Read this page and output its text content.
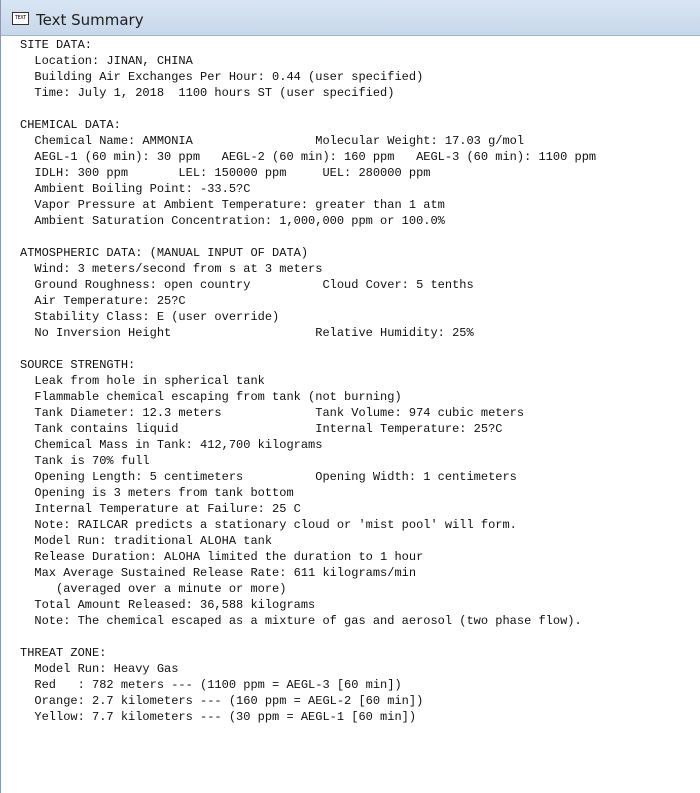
TEXT Text Summary
SITE DATA:
Location: JINAN, CHINA
Building Air Exchanges Per Hour: 0.44 (user specified)
Time: July 1, 2018  1100 hours ST (user specified)
CHEMICAL DATA:
Chemical Name: AMMONIA                 Molecular Weight: 17.03 g/mol
AEGL-1 (60 min): 30 ppm   AEGL-2 (60 min): 160 ppm   AEGL-3 (60 min): 1100 ppm
IDLH: 300 ppm       LEL: 150000 ppm     UEL: 280000 ppm
Ambient Boiling Point: -33.5?C
Vapor Pressure at Ambient Temperature: greater than 1 atm
Ambient Saturation Concentration: 1,000,000 ppm or 100.0%
ATMOSPHERIC DATA: (MANUAL INPUT OF DATA)
Wind: 3 meters/second from s at 3 meters
Ground Roughness: open country          Cloud Cover: 5 tenths
Air Temperature: 25?C
Stability Class: E (user override)
No Inversion Height                    Relative Humidity: 25%
SOURCE STRENGTH:
Leak from hole in spherical tank
Flammable chemical escaping from tank (not burning)
Tank Diameter: 12.3 meters             Tank Volume: 974 cubic meters
Tank contains liquid                   Internal Temperature: 25?C
Chemical Mass in Tank: 412,700 kilograms
Tank is 70% full
Opening Length: 5 centimeters          Opening Width: 1 centimeters
Opening is 3 meters from tank bottom
Internal Temperature at Failure: 25 C
Note: RAILCAR predicts a stationary cloud or 'mist pool' will form.
Model Run: traditional ALOHA tank
Release Duration: ALOHA limited the duration to 1 hour
Max Average Sustained Release Rate: 611 kilograms/min
(averaged over a minute or more)
Total Amount Released: 36,588 kilograms
Note: The chemical escaped as a mixture of gas and aerosol (two phase flow).
THREAT ZONE:
Model Run: Heavy Gas
Red   : 782 meters --- (1100 ppm = AEGL-3 [60 min])
Orange: 2.7 kilometers --- (160 ppm = AEGL-2 [60 min])
Yellow: 7.7 kilometers --- (30 ppm = AEGL-1 [60 min])
